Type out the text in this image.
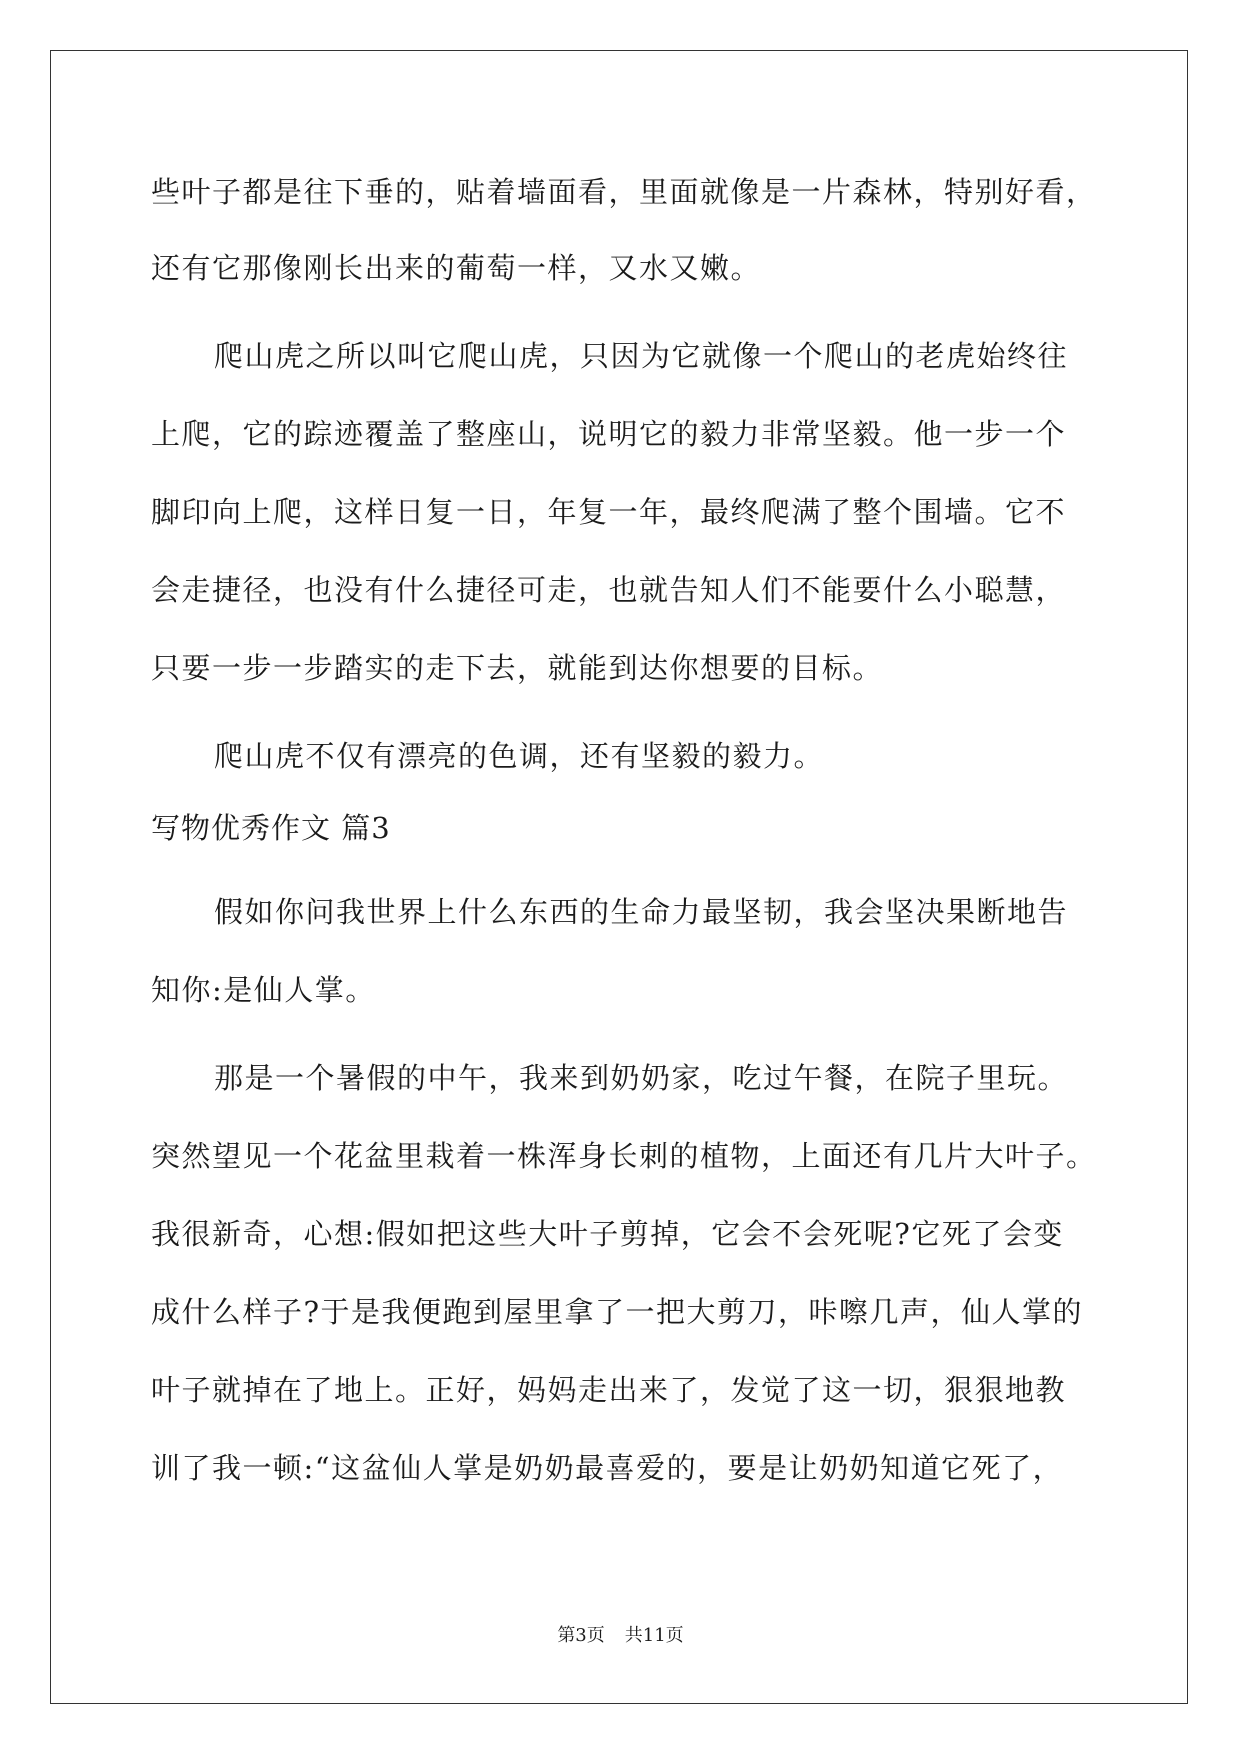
些叶子都是往下垂的，贴着墙面看，里面就像是一片森林，特别好看，
还有它那像刚长出来的葡萄一样，又水又嫩。
爬山虎之所以叫它爬山虎，只因为它就像一个爬山的老虎始终往
上爬，它的踪迹覆盖了整座山，说明它的毅力非常坚毅。他一步一个
脚印向上爬，这样日复一日，年复一年，最终爬满了整个围墙。它不
会走捷径，也没有什么捷径可走，也就告知人们不能要什么小聪慧，
只要一步一步踏实的走下去，就能到达你想要的目标。
爬山虎不仅有漂亮的色调，还有坚毅的毅力。
写物优秀作文 篇3
假如你问我世界上什么东西的生命力最坚韧，我会坚决果断地告
知你:是仙人掌。
那是一个暑假的中午，我来到奶奶家，吃过午餐，在院子里玩。
突然望见一个花盆里栽着一株浑身长刺的植物，上面还有几片大叶子。
我很新奇，心想:假如把这些大叶子剪掉，它会不会死呢?它死了会变
成什么样子?于是我便跑到屋里拿了一把大剪刀，咔嚓几声，仙人掌的
叶子就掉在了地上。正好，妈妈走出来了，发觉了这一切，狠狠地教
训了我一顿:“这盆仙人掌是奶奶最喜爱的，要是让奶奶知道它死了，
第3页 共11页
